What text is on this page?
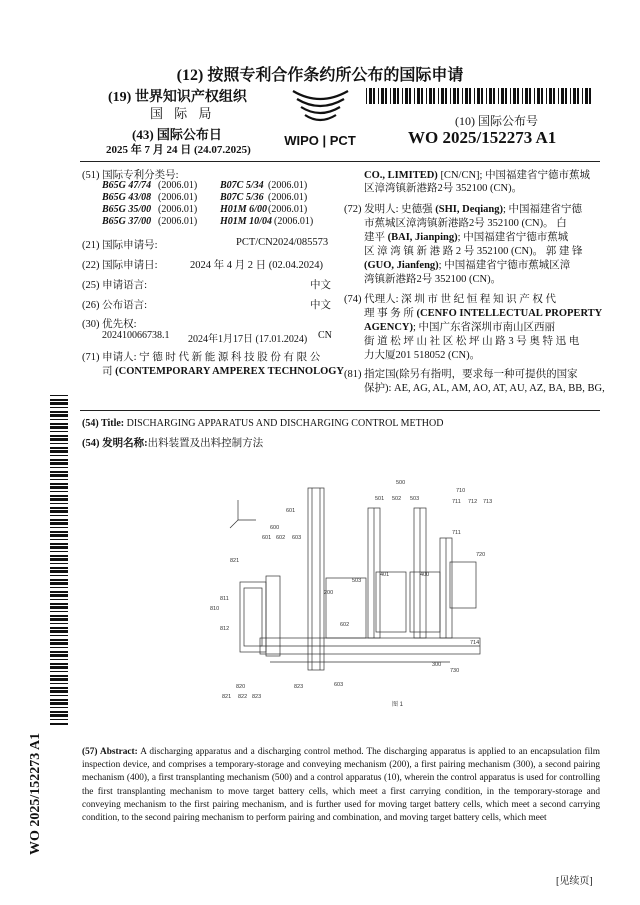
(12) 按照专利合作条约所公布的国际申请
(19) 世界知识产权组织
国 际 局
(43) 国际公布日
2025 年 7 月 24 日 (24.07.2025)
WIPO | PCT
(10) 国际公布号
WO 2025/152273 A1
(51) 国际专利分类号:
B65G 47/74 (2006.01) B07C 5/34 (2006.01)
B65G 43/08 (2006.01) B07C 5/36 (2006.01)
B65G 35/00 (2006.01) H01M 6/00 (2006.01)
B65G 37/00 (2006.01) H01M 10/04 (2006.01)
(21) 国际申请号:	PCT/CN2024/085573
(22) 国际申请日:	2024 年 4 月 2 日 (02.04.2024)
(25) 申请语言:	中文
(26) 公布语言:	中文
(30) 优先权:
202410066738.1 2024年1月17日 (17.01.2024) CN
(71) 申请人: 宁 德 时 代 新 能 源 科 技 股 份 有 限 公
司 (CONTEMPORARY AMPEREX TECHNOLOGY
CO., LIMITED) [CN/CN]; 中国福建省宁德市蕉城
区漳湾镇新港路2号 352100 (CN)。
(72) 发明人: 史德强 (SHI, Deqiang); 中国福建省宁德
市蕉城区漳湾镇新港路2号 352100 (CN)。 白
建平 (BAI, Jianping); 中国福建省宁德市蕉城
区 漳 湾 镇 新 港 路 2 号 352100 (CN)。 郭 建 锋
(GUO, Jianfeng); 中国福建省宁德市蕉城区漳
湾镇新港路2号 352100 (CN)。
(74) 代理人: 深 圳 市 世 纪 恒 程 知 识 产 权 代
理 事 务 所 (CENFO INTELLECTUAL PROPERTY
AGENCY); 中国广东省深圳市南山区西丽
街 道 松 坪 山 社 区 松 坪 山 路 3 号 奥 特 迅 电
力大厦201 518052 (CN)。
(81) 指定国(除另有指明，要求每一种可提供的国家
保护): AE, AG, AL, AM, AO, AT, AU, AZ, BA, BB, BG,
(54) Title: DISCHARGING APPARATUS AND DISCHARGING CONTROL METHOD
(54) 发明名称:出料装置及出料控制方法
601
600
601 602 603
500
501 502 503
710
711 712 713
711
720
401	400
200
503
602
714
300
730
821
810
811
812
820
821 822 823
823	603
图 1
(57) Abstract: A discharging apparatus and a discharging control method. The discharging apparatus is applied to an encapsulation film inspection device, and comprises a temporary-storage and conveying mechanism (200), a first pairing mechanism (300), a second pairing mechanism (400), a first transplanting mechanism (500) and a control apparatus (10), wherein the control apparatus is used for controlling the first transplanting mechanism to move target battery cells, which meet a first carrying condition, in the temporary-storage and conveying mechanism to the first pairing mechanism, and is further used for moving target battery cells, which meet a second carrying condition, to the second pairing mechanism to perform pairing and combination, and moving target battery cells, which meet
WO 2025/152273 A1
[见续页]
